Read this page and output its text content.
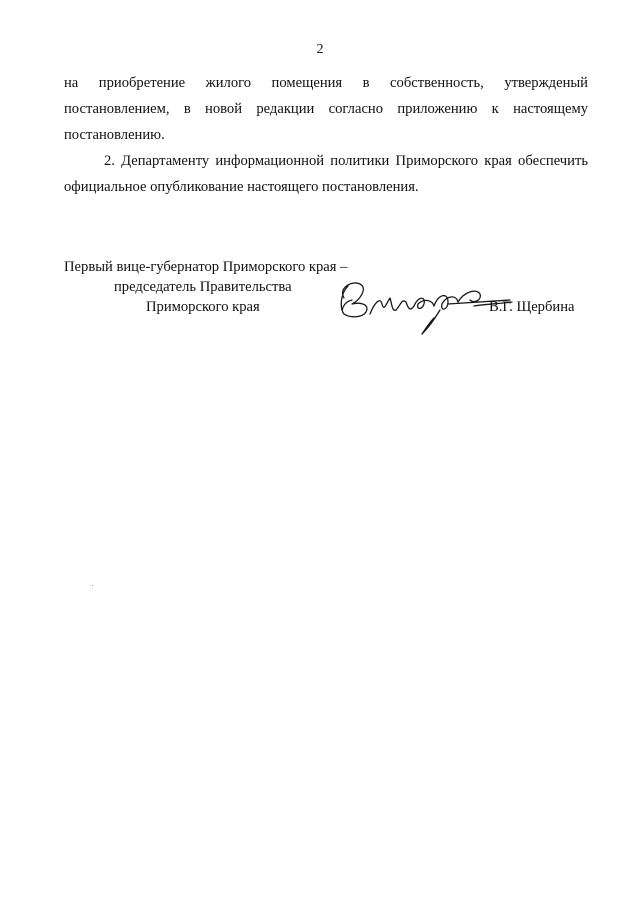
2

на приобретение жилого помещения в собственность, утвержденый постановлением, в новой редакции согласно приложению к настоящему постановлению.

2. Департаменту информационной политики Приморского края обеспечить официальное опубликование настоящего постановления.

Первый вице-губернатор Приморского края –
председатель Правительства
Приморского края	В.Г. Щербина
